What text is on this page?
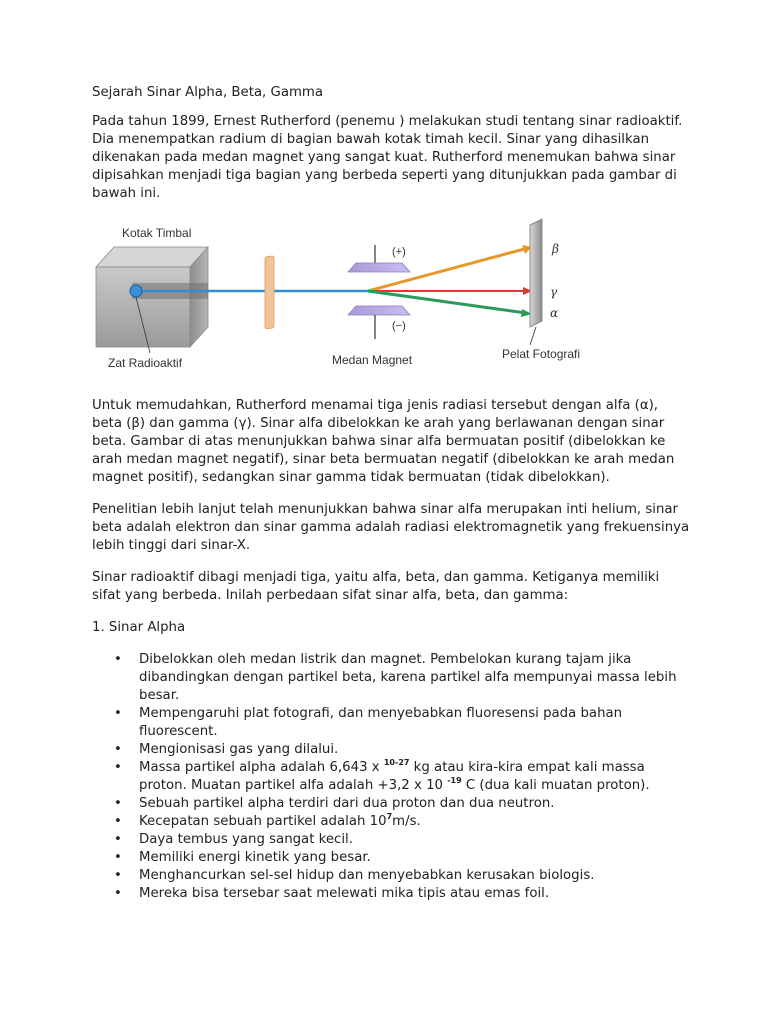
Sejarah Sinar Alpha, Beta, Gamma

Pada tahun 1899, Ernest Rutherford (penemu ) melakukan studi tentang sinar radioaktif. Dia menempatkan radium di bagian bawah kotak timah kecil. Sinar yang dihasilkan dikenakan pada medan magnet yang sangat kuat. Rutherford menemukan bahwa sinar dipisahkan menjadi tiga bagian yang berbeda seperti yang ditunjukkan pada gambar di bawah ini.

Kotak Timbal
Zat Radioaktif
(+)
(−)
Medan Magnet
β
γ
α
Pelat Fotografi

Untuk memudahkan, Rutherford menamai tiga jenis radiasi tersebut dengan alfa (α), beta (β) dan gamma (γ). Sinar alfa dibelokkan ke arah yang berlawanan dengan sinar beta. Gambar di atas menunjukkan bahwa sinar alfa bermuatan positif (dibelokkan ke arah medan magnet negatif), sinar beta bermuatan negatif (dibelokkan ke arah medan magnet positif), sedangkan sinar gamma tidak bermuatan (tidak dibelokkan).

Penelitian lebih lanjut telah menunjukkan bahwa sinar alfa merupakan inti helium, sinar beta adalah elektron dan sinar gamma adalah radiasi elektromagnetik yang frekuensinya lebih tinggi dari sinar-X.

Sinar radioaktif dibagi menjadi tiga, yaitu alfa, beta, dan gamma. Ketiganya memiliki sifat yang berbeda. Inilah perbedaan sifat sinar alfa, beta, dan gamma:

1. Sinar Alpha

• Dibelokkan oleh medan listrik dan magnet. Pembelokan kurang tajam jika dibandingkan dengan partikel beta, karena partikel alfa mempunyai massa lebih besar.
• Mempengaruhi plat fotografi, dan menyebabkan fluoresensi pada bahan fluorescent.
• Mengionisasi gas yang dilalui.
• Massa partikel alpha adalah 6,643 x $^{10-27}$ kg atau kira-kira empat kali massa proton. Muatan partikel alfa adalah +3,2 x 10 $^{-19}$ C (dua kali muatan proton).
• Sebuah partikel alpha terdiri dari dua proton dan dua neutron.
• Kecepatan sebuah partikel adalah $10^7m/s$.
• Daya tembus yang sangat kecil.
• Memiliki energi kinetik yang besar.
• Menghancurkan sel-sel hidup dan menyebabkan kerusakan biologis.
• Mereka bisa tersebar saat melewati mika tipis atau emas foil.
